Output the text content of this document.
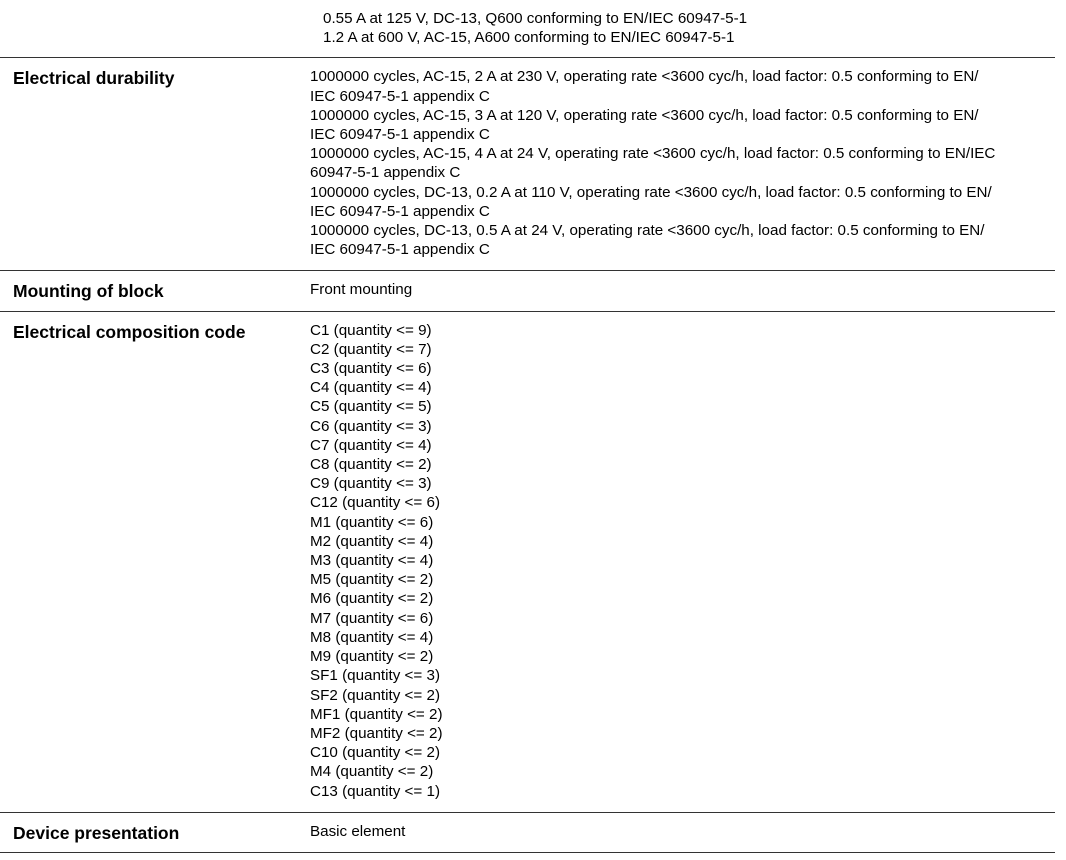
0.55 A at 125 V, DC-13, Q600 conforming to EN/IEC 60947-5-1
1.2 A at 600 V, AC-15, A600 conforming to EN/IEC 60947-5-1
Electrical durability	1000000 cycles, AC-15, 2 A at 230 V, operating rate <3600 cyc/h, load factor: 0.5 conforming to EN/
IEC 60947-5-1 appendix C
1000000 cycles, AC-15, 3 A at 120 V, operating rate <3600 cyc/h, load factor: 0.5 conforming to EN/
IEC 60947-5-1 appendix C
1000000 cycles, AC-15, 4 A at 24 V, operating rate <3600 cyc/h, load factor: 0.5 conforming to EN/IEC
60947-5-1 appendix C
1000000 cycles, DC-13, 0.2 A at 110 V, operating rate <3600 cyc/h, load factor: 0.5 conforming to EN/
IEC 60947-5-1 appendix C
1000000 cycles, DC-13, 0.5 A at 24 V, operating rate <3600 cyc/h, load factor: 0.5 conforming to EN/
IEC 60947-5-1 appendix C
Mounting of block	Front mounting
Electrical composition code	C1 (quantity <= 9)
C2 (quantity <= 7)
C3 (quantity <= 6)
C4 (quantity <= 4)
C5 (quantity <= 5)
C6 (quantity <= 3)
C7 (quantity <= 4)
C8 (quantity <= 2)
C9 (quantity <= 3)
C12 (quantity <= 6)
M1 (quantity <= 6)
M2 (quantity <= 4)
M3 (quantity <= 4)
M5 (quantity <= 2)
M6 (quantity <= 2)
M7 (quantity <= 6)
M8 (quantity <= 4)
M9 (quantity <= 2)
SF1 (quantity <= 3)
SF2 (quantity <= 2)
MF1 (quantity <= 2)
MF2 (quantity <= 2)
C10 (quantity <= 2)
M4 (quantity <= 2)
C13 (quantity <= 1)
Device presentation	Basic element
